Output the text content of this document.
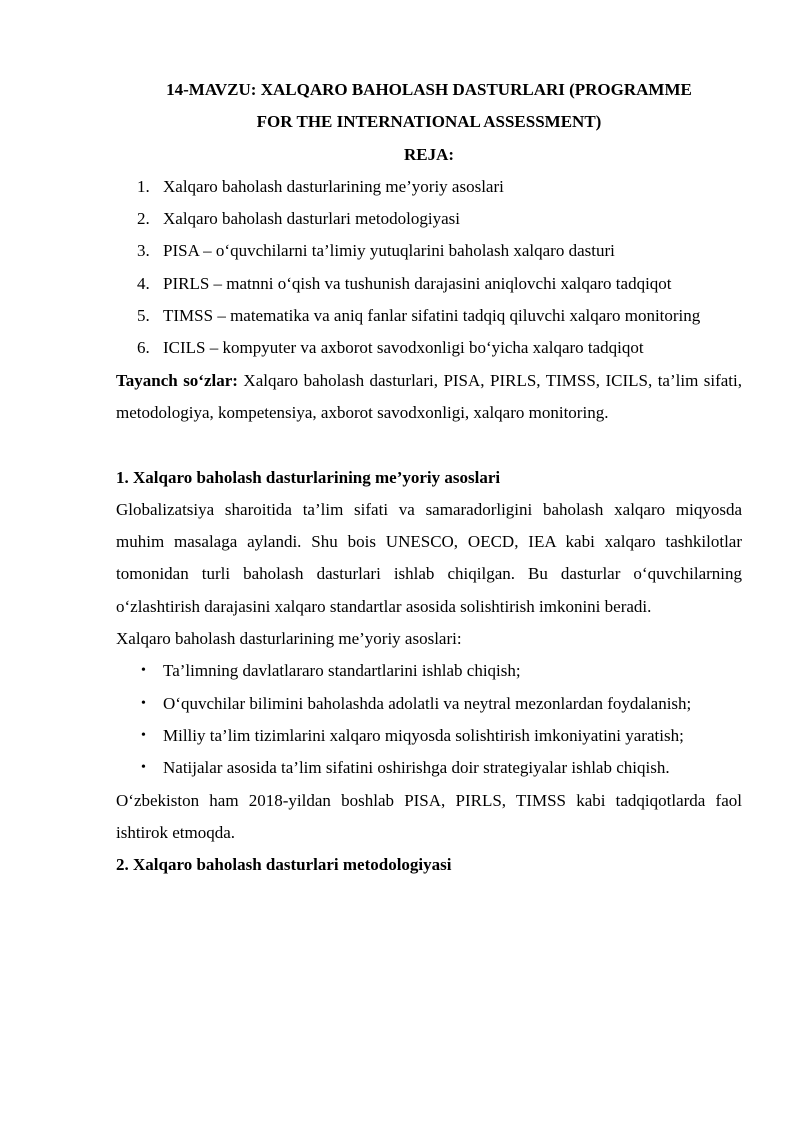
14-MAVZU: XALQARO BAHOLASH DASTURLARI (PROGRAMME
FOR THE INTERNATIONAL ASSESSMENT)
REJA:
1. Xalqaro baholash dasturlarining me’yoriy asoslari
2. Xalqaro baholash dasturlari metodologiyasi
3. PISA – o‘quvchilarni ta’limiy yutuqlarini baholash xalqaro dasturi
4. PIRLS – matnni o‘qish va tushunish darajasini aniqlovchi xalqaro tadqiqot
5. TIMSS – matematika va aniq fanlar sifatini tadqiq qiluvchi xalqaro monitoring
6. ICILS – kompyuter va axborot savodxonligi bo‘yicha xalqaro tadqiqot

Tayanch so‘zlar: Xalqaro baholash dasturlari, PISA, PIRLS, TIMSS, ICILS, ta’lim sifati, metodologiya, kompetensiya, axborot savodxonligi, xalqaro monitoring.

1. Xalqaro baholash dasturlarining me’yoriy asoslari

Globalizatsiya sharoitida ta’lim sifati va samaradorligini baholash xalqaro miqyosda muhim masalaga aylandi. Shu bois UNESCO, OECD, IEA kabi xalqaro tashkilotlar tomonidan turli baholash dasturlari ishlab chiqilgan. Bu dasturlar o‘quvchilarning o‘zlashtirish darajasini xalqaro standartlar asosida solishtirish imkonini beradi.

Xalqaro baholash dasturlarining me’yoriy asoslari:

• Ta’limning davlatlararo standartlarini ishlab chiqish;
• O‘quvchilar bilimini baholashda adolatli va neytral mezonlardan foydalanish;
• Milliy ta’lim tizimlarini xalqaro miqyosda solishtirish imkoniyatini yaratish;
• Natijalar asosida ta’lim sifatini oshirishga doir strategiyalar ishlab chiqish.

O‘zbekiston ham 2018-yildan boshlab PISA, PIRLS, TIMSS kabi tadqiqotlarda faol ishtirok etmoqda.

2. Xalqaro baholash dasturlari metodologiyasi
